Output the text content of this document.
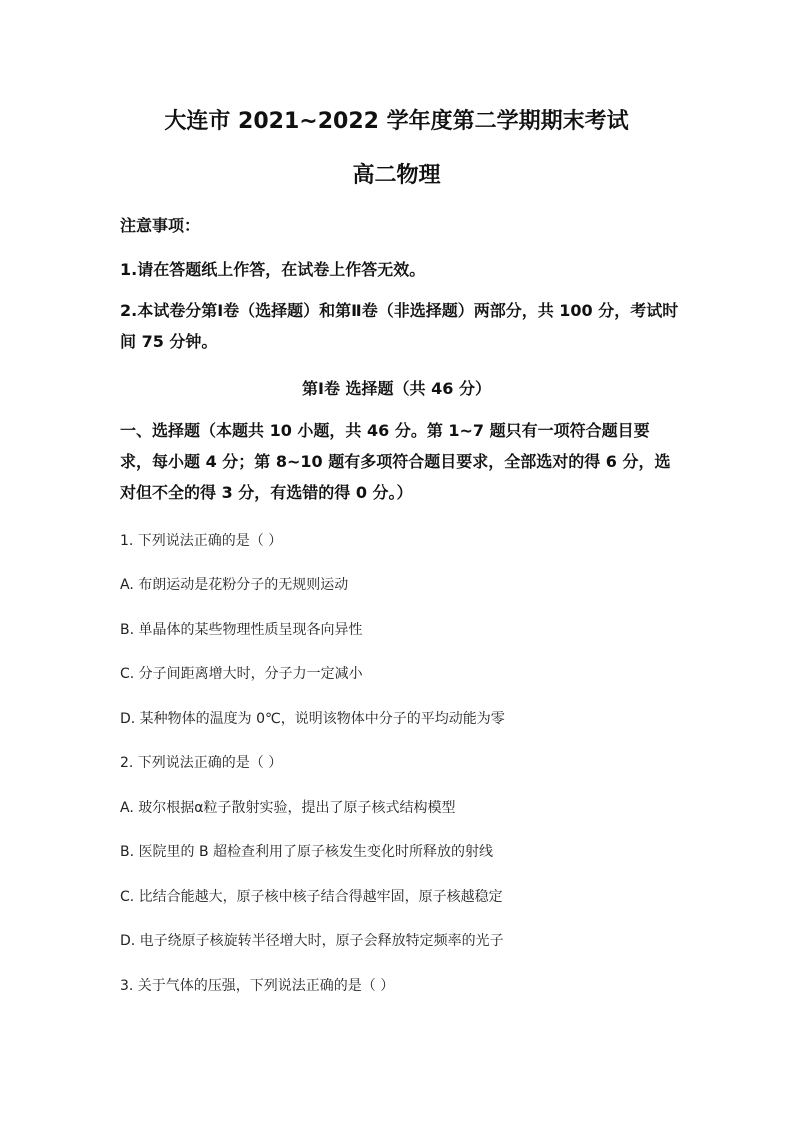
大连市 2021~2022 学年度第二学期期末考试
高二物理
注意事项：
1.请在答题纸上作答，在试卷上作答无效。
2.本试卷分第Ⅰ卷（选择题）和第Ⅱ卷（非选择题）两部分，共 100 分，考试时间 75 分钟。
第Ⅰ卷 选择题（共 46 分）
一、选择题（本题共 10 小题，共 46 分。第 1~7 题只有一项符合题目要求，每小题 4 分；第 8~10 题有多项符合题目要求，全部选对的得 6 分，选对但不全的得 3 分，有选错的得 0 分。）
1. 下列说法正确的是（ ）
A. 布朗运动是花粉分子的无规则运动
B. 单晶体的某些物理性质呈现各向异性
C. 分子间距离增大时，分子力一定减小
D. 某种物体的温度为 0℃，说明该物体中分子的平均动能为零
2. 下列说法正确的是（ ）
A. 玻尔根据α粒子散射实验，提出了原子核式结构模型
B. 医院里的 B 超检查利用了原子核发生变化时所释放的射线
C. 比结合能越大，原子核中核子结合得越牢固，原子核越稳定
D. 电子绕原子核旋转半径增大时，原子会释放特定频率的光子
3. 关于气体的压强，下列说法正确的是（ ）
